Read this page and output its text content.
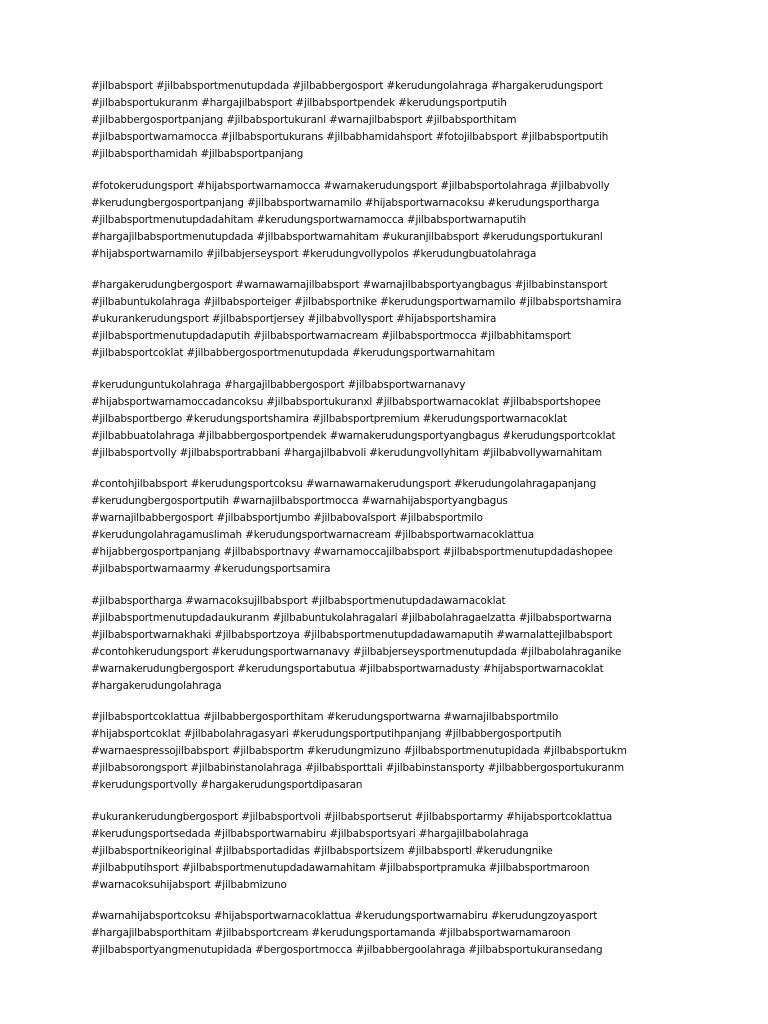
#jilbabsport #jilbabsportmenutupdada #jilbabbergosport #kerudungolahraga #hargakerudungsport
#jilbabsportukuranm #hargajilbabsport #jilbabsportpendek #kerudungsportputih
#jilbabbergosportpanjang #jilbabsportukuranl #warnajilbabsport #jilbabsporthitam
#jilbabsportwarnamocca #jilbabsportukurans #jilbabhamidahsport #fotojilbabsport #jilbabsportputih
#jilbabsporthamidah #jilbabsportpanjang
#fotokerudungsport #hijabsportwarnamocca #warnakerudungsport #jilbabsportolahraga #jilbabvolly
#kerudungbergosportpanjang #jilbabsportwarnamilo #hijabsportwarnacoksu #kerudungsportharga
#jilbabsportmenutupdadahitam #kerudungsportwarnamocca #jilbabsportwarnaputih
#hargajilbabsportmenutupdada #jilbabsportwarnahitam #ukuranjilbabsport #kerudungsportukuranl
#hijabsportwarnamilo #jilbabjerseysport #kerudungvollypolos #kerudungbuatolahraga
#hargakerudungbergosport #warnawarnajilbabsport #warnajilbabsportyangbagus #jilbabinstansport
#jilbabuntukolahraga #jilbabsporteiger #jilbabsportnike #kerudungsportwarnamilo #jilbabsportshamira
#ukurankerudungsport #jilbabsportjersey #jilbabvollysport #hijabsportshamira
#jilbabsportmenutupdadaputih #jilbabsportwarnacream #jilbabsportmocca #jilbabhitamsport
#jilbabsportcoklat #jilbabbergosportmenutupdada #kerudungsportwarnahitam
#kerudunguntukolahraga #hargajilbabbergosport #jilbabsportwarnanavy
#hijabsportwarnamoccadancoksu #jilbabsportukuranxl #jilbabsportwarnacoklat #jilbabsportshopee
#jilbabsportbergo #kerudungsportshamira #jilbabsportpremium #kerudungsportwarnacoklat
#jilbabbuatolahraga #jilbabbergosportpendek #warnakerudungsportyangbagus #kerudungsportcoklat
#jilbabsportvolly #jilbabsportrabbani #hargajilbabvoli #kerudungvollyhitam #jilbabvollywarnahitam
#contohjilbabsport #kerudungsportcoksu #warnawarnakerudungsport #kerudungolahragapanjang
#kerudungbergosportputih #warnajilbabsportmocca #warnahijabsportyangbagus
#warnajilbabbergosport #jilbabsportjumbo #jilbabovalsport #jilbabsportmilo
#kerudungolahragamuslimah #kerudungsportwarnacream #jilbabsportwarnacoklattua
#hijabbergosportpanjang #jilbabsportnavy #warnamoccajilbabsport #jilbabsportmenutupdadashopee
#jilbabsportwarnaarmy #kerudungsportsamira
#jilbabsportharga #warnacoksujilbabsport #jilbabsportmenutupdadawarnacoklat
#jilbabsportmenutupdadaukuranm #jilbabuntukolahragalari #jilbabolahragaelzatta #jilbabsportwarna
#jilbabsportwarnakhaki #jilbabsportzoya #jilbabsportmenutupdadawarnaputih #warnalattejilbabsport
#contohkerudungsport #kerudungsportwarnanavy #jilbabjerseysportmenutupdada #jilbabolahraganike
#warnakerudungbergosport #kerudungsportabutua #jilbabsportwarnadusty #hijabsportwarnacoklat
#hargakerudungolahraga
#jilbabsportcoklattua #jilbabbergosporthitam #kerudungsportwarna #warnajilbabsportmilo
#hijabsportcoklat #jilbabolahragasyari #kerudungsportputihpanjang #jilbabbergosportputih
#warnaespressojilbabsport #jilbabsportm #kerudungmizuno #jilbabsportmenutupidada #jilbabsportukm
#jilbabsorongsport #jilbabinstanolahraga #jilbabsporttali #jilbabinstansporty #jilbabbergosportukuranm
#kerudungsportvolly #hargakerudungsportdipasaran
#ukurankerudungbergosport #jilbabsportvoli #jilbabsportserut #jilbabsportarmy #hijabsportcoklattua
#kerudungsportsedada #jilbabsportwarnabiru #jilbabsportsyari #hargajilbabolahraga
#jilbabsportnikeoriginal #jilbabsportadidas #jilbabsportsizem #jilbabsportl #kerudungnike
#jilbabputihsport #jilbabsportmenutupdadawarnahitam #jilbabsportpramuka #jilbabsportmaroon
#warnacoksuhijabsport #jilbabmizuno
#warnahijabsportcoksu #hijabsportwarnacoklattua #kerudungsportwarnabiru #kerudungzoyasport
#hargajilbabsporthitam #jilbabsportcream #kerudungsportamanda #jilbabsportwarnamaroon
#jilbabsportyangmenutupidada #bergosportmocca #jilbabbergoolahraga #jilbabsportukuransedang
